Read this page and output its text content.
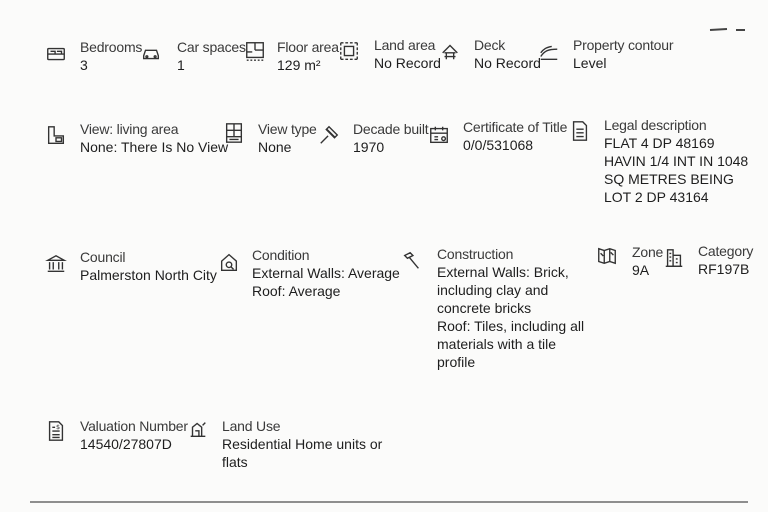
Bedrooms
3
Car spaces
1
Floor area
129 m²
Land area
No Record
Deck
No Record
Property contour
Level
View: living area
None: There Is No View
View type
None
Decade built
1970
Certificate of Title
0/0/531068
Legal description
FLAT 4 DP 48169 HAVIN 1/4 INT IN 1048 SQ METRES BEING LOT 2 DP 43164
Council
Palmerston North City
Condition
External Walls: Average
Roof: Average
Construction
External Walls: Brick, including clay and concrete bricks
Roof: Tiles, including all materials with a tile profile
Zone
9A
Category
RF197B
$ Valuation Number
14540/27807D
Land Use
Residential Home units or flats
